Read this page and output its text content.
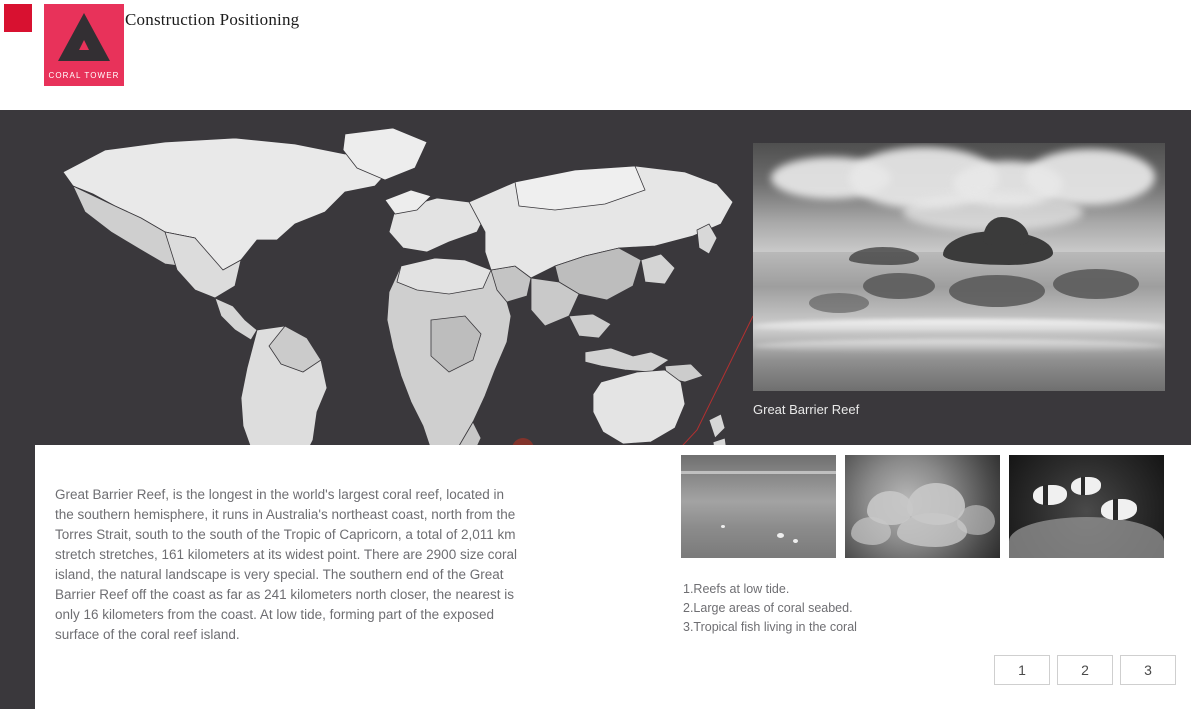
▲
CORAL TOWER
Construction Positioning
Great Barrier Reef

Great Barrier Reef, is the longest in the world's largest coral reef, located in the southern hemisphere, it runs in Australia's northeast coast, north from the Torres Strait, south to the south of the Tropic of Capricorn, a total of 2,011 km stretch stretches, 161 kilometers at its widest point. There are 2900 size coral island, the natural landscape is very special. The southern end of the Great Barrier Reef off the coast as far as 241 kilometers north closer, the nearest is only 16 kilometers from the coast. At low tide, forming part of the exposed surface of the coral reef island.

1.Reefs at low tide.
2.Large areas of coral seabed.
3.Tropical fish living in the coral
1	2	3
